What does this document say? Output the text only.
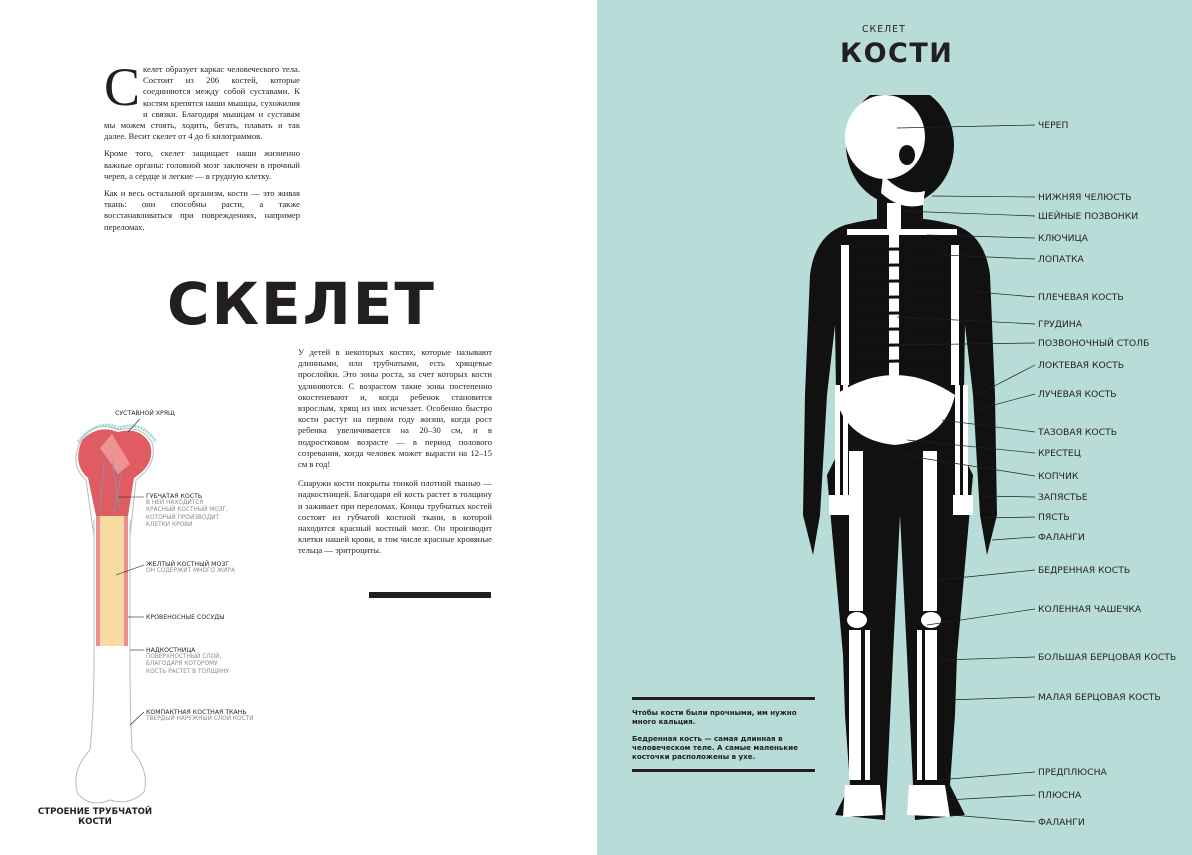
Скелет образует каркас человеческого тела. Состоит из 206 костей, которые соединяются между собой суставами. К костям крепятся наши мышцы, сухожилия и связки. Благодаря мышцам и суставам мы можем стоять, ходить, бегать, плавать и так далее. Весит скелет от 4 до 6 килограммов.

Кроме того, скелет защищает наши жизненно важные органы: головной мозг заключен в прочный череп, а сердце и легкие — в грудную клетку.

Как и весь остальной организм, кости — это живая ткань: они способны расти, а также восстанавливаться при повреждениях, например переломах.

СКЕЛЕТ

У детей в некоторых костях, которые называют длинными, или трубчатыми, есть хрящевые прослойки. Это зоны роста, за счет которых кости удлиняются. С возрастом такие зоны постепенно окостеневают и, когда ребенок становится взрослым, хрящ из них исчезает. Особенно быстро кости растут на первом году жизни, когда рост ребенка увеличивается на 20–30 см, и в подростковом возрасте — в период полового созревания, когда человек может вырасти на 12–15 см в год!

Снаружи кости покрыты тонкой плотной тканью — надкостницей. Благодаря ей кость растет в толщину и заживает при переломах. Концы трубчатых костей состоят из губчатой костной ткани, в которой находится красный костный мозг. Он производит клетки нашей крови, в том числе красные кровяные тельца — эритроциты.

СУСТАВНОЙ ХРЯЩ
ГУБЧАТАЯ КОСТЬ
В НЕЙ НАХОДИТСЯ
КРАСНЫЙ КОСТНЫЙ МОЗГ,
КОТОРЫЙ ПРОИЗВОДИТ
КЛЕТКИ КРОВИ
ЖЕЛТЫЙ КОСТНЫЙ МОЗГ
ОН СОДЕРЖИТ МНОГО ЖИРА
КРОВЕНОСНЫЕ СОСУДЫ
НАДКОСТНИЦА
ПОВЕРХНОСТНЫЙ СЛОЙ,
БЛАГОДАРЯ КОТОРОМУ
КОСТЬ РАСТЕТ В ТОЛЩИНУ
КОМПАКТНАЯ КОСТНАЯ ТКАНЬ
ТВЕРДЫЙ НАРУЖНЫЙ СЛОЙ КОСТИ
СТРОЕНИЕ ТРУБЧАТОЙ
КОСТИ
СКЕЛЕТ
КОСТИ
ЧЕРЕП
НИЖНЯЯ ЧЕЛЮСТЬ
ШЕЙНЫЕ ПОЗВОНКИ
КЛЮЧИЦА
ЛОПАТКА
ПЛЕЧЕВАЯ КОСТЬ
ГРУДИНА
ПОЗВОНОЧНЫЙ СТОЛБ
ЛОКТЕВАЯ КОСТЬ
ЛУЧЕВАЯ КОСТЬ
ТАЗОВАЯ КОСТЬ
КРЕСТЕЦ
КОПЧИК
ЗАПЯСТЬЕ
ПЯСТЬ
ФАЛАНГИ
БЕДРЕННАЯ КОСТЬ
КОЛЕННАЯ ЧАШЕЧКА
БОЛЬШАЯ БЕРЦОВАЯ КОСТЬ
МАЛАЯ БЕРЦОВАЯ КОСТЬ
ПРЕДПЛЮСНА
ПЛЮСНА
ФАЛАНГИ

Чтобы кости были прочными, им нужно много кальция.

Бедренная кость — самая длинная в человеческом теле. А самые маленькие косточки расположены в ухе.
